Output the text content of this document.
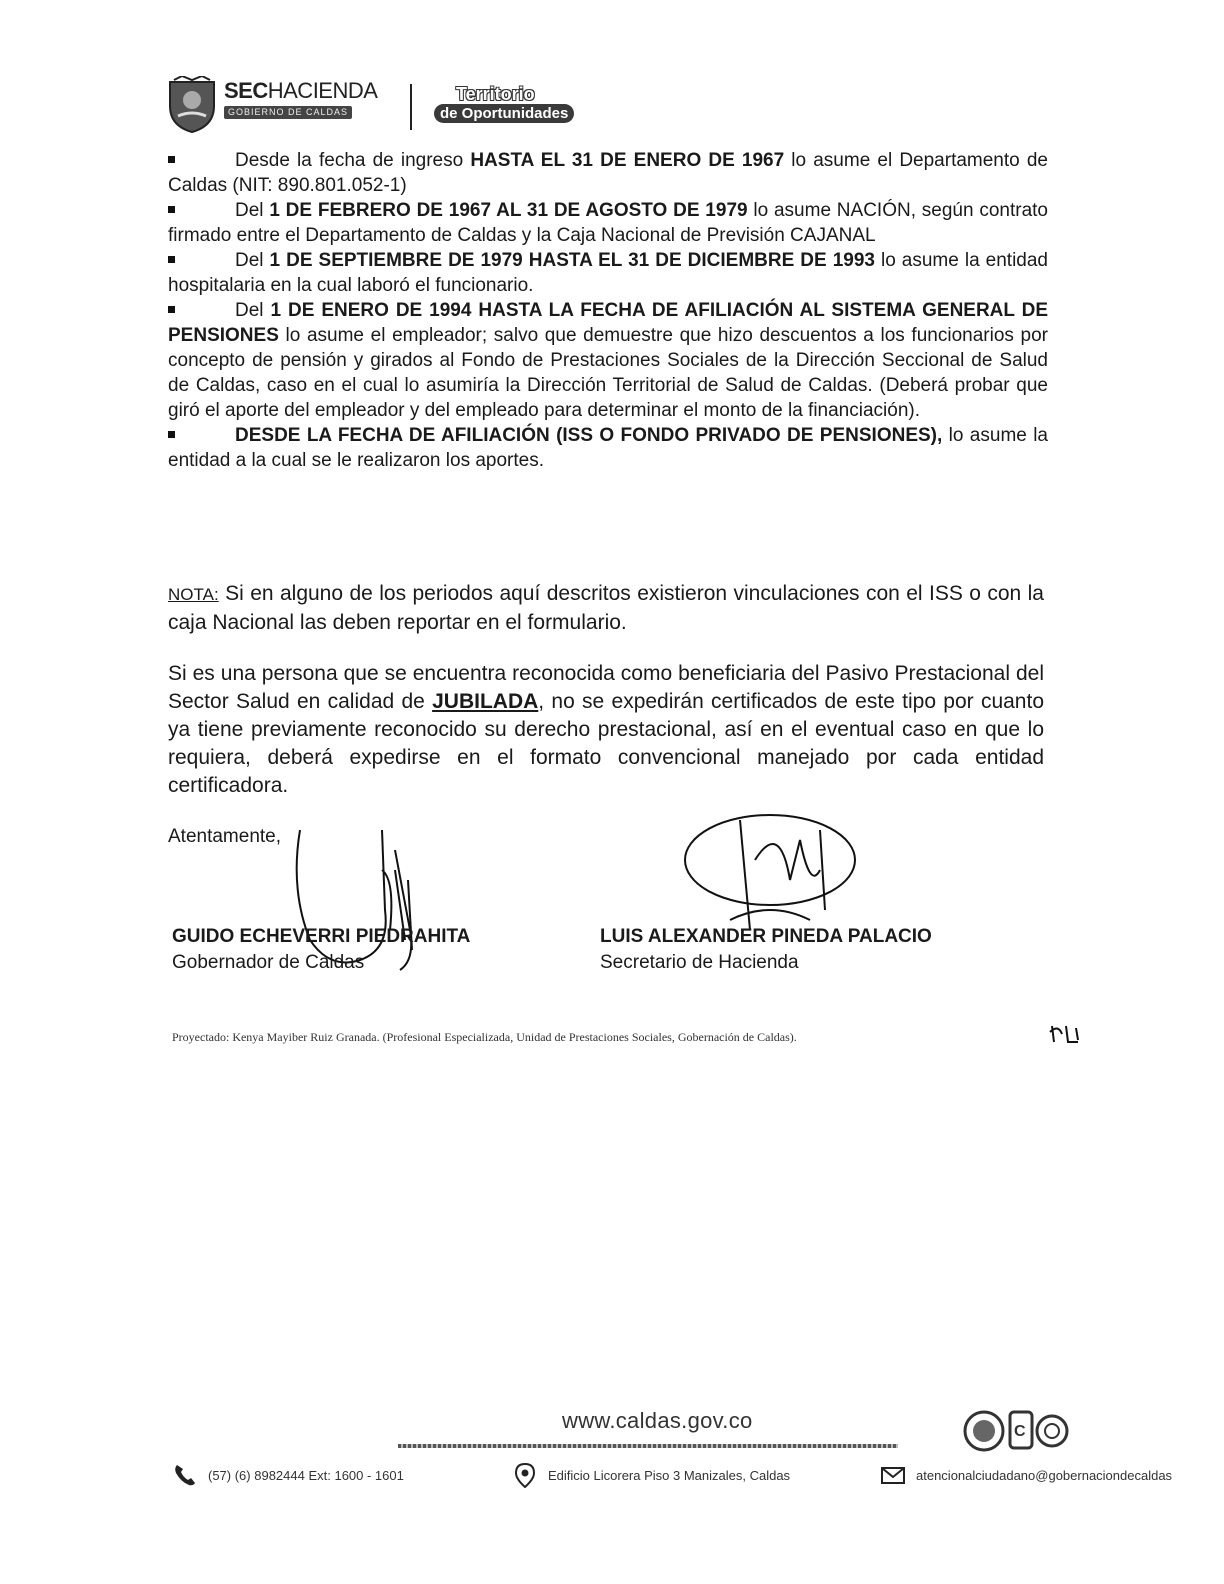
SECHACIENDA
GOBIERNO DE CALDAS
Territorio
de Oportunidades

Desde la fecha de ingreso HASTA EL 31 DE ENERO DE 1967 lo asume el Departamento de Caldas (NIT: 890.801.052-1)

Del 1 DE FEBRERO DE 1967 AL 31 DE AGOSTO DE 1979 lo asume NACIÓN, según contrato firmado entre el Departamento de Caldas y la Caja Nacional de Previsión CAJANAL

Del 1 DE SEPTIEMBRE DE 1979 HASTA EL 31 DE DICIEMBRE DE 1993 lo asume la entidad hospitalaria en la cual laboró el funcionario.

Del 1 DE ENERO DE 1994 HASTA LA FECHA DE AFILIACIÓN AL SISTEMA GENERAL DE PENSIONES lo asume el empleador; salvo que demuestre que hizo descuentos a los funcionarios por concepto de pensión y girados al Fondo de Prestaciones Sociales de la Dirección Seccional de Salud de Caldas, caso en el cual lo asumiría la Dirección Territorial de Salud de Caldas. (Deberá probar que giró el aporte del empleador y del empleado para determinar el monto de la financiación).

DESDE LA FECHA DE AFILIACIÓN (ISS O FONDO PRIVADO DE PENSIONES), lo asume la entidad a la cual se le realizaron los aportes.

NOTA: Si en alguno de los periodos aquí descritos existieron vinculaciones con el ISS o con la caja Nacional las deben reportar en el formulario.
Si es una persona que se encuentra reconocida como beneficiaria del Pasivo Prestacional del Sector Salud en calidad de JUBILADA, no se expedirán certificados de este tipo por cuanto ya tiene previamente reconocido su derecho prestacional, así en el eventual caso en que lo requiera, deberá expedirse en el formato convencional manejado por cada entidad certificadora.
Atentamente,
GUIDO ECHEVERRI PIEDRAHITA
Gobernador de Caldas
LUIS ALEXANDER PINEDA PALACIO
Secretario de Hacienda
Proyectado: Kenya Mayiber Ruiz Granada. (Profesional Especializada, Unidad de Prestaciones Sociales, Gobernación de Caldas).
www.caldas.gov.co	C
(57) (6) 8982444 Ext: 1600 - 1601	Edificio Licorera Piso 3 Manizales, Caldas	atencionalciudadano@gobernaciondecaldas
